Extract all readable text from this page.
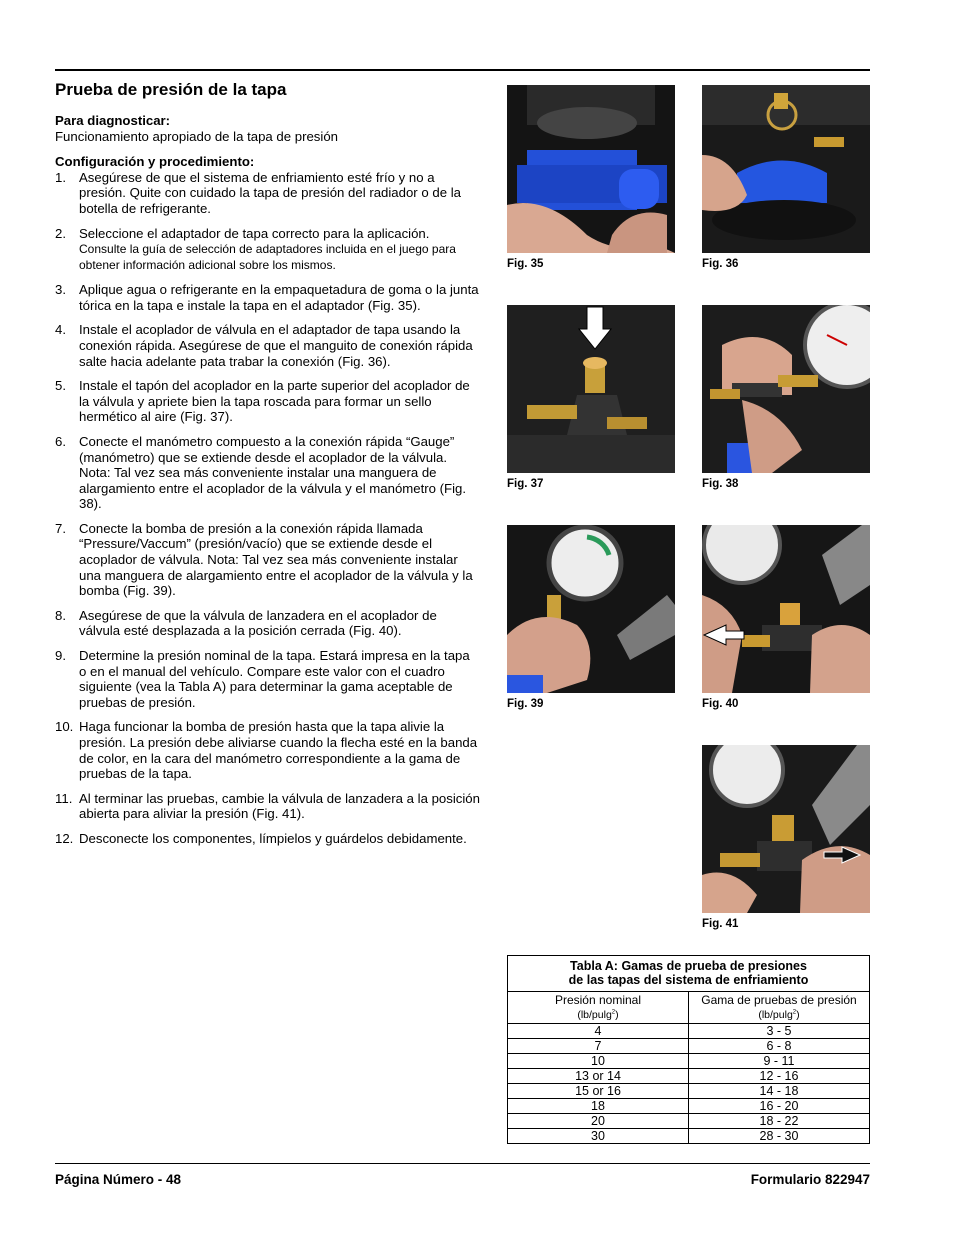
Prueba de presión de la tapa

Para diagnosticar:

Funcionamiento apropiado de la tapa de presión

Configuración y procedimiento:

1. Asegúrese de que el sistema de enfriamiento esté frío y no a presión. Quite con cuidado la tapa de presión del radiador o de la botella de refrigerante.
2. Seleccione el adaptador de tapa correcto para la aplicación.
Consulte la guía de selección de adaptadores incluida en el juego para obtener información adicional sobre los mismos.
3. Aplique agua o refrigerante en la empaquetadura de goma o la junta tórica en la tapa e instale la tapa en el adaptador (Fig. 35).
4. Instale el acoplador de válvula en el adaptador de tapa usando la conexión rápida. Asegúrese de que el manguito de conexión rápida salte hacia adelante pata trabar la conexión (Fig. 36).
5. Instale el tapón del acoplador en la parte superior del acoplador de la válvula y apriete bien la tapa roscada para formar un sello hermético al aire (Fig. 37).
6. Conecte el manómetro compuesto a la conexión rápida “Gauge” (manómetro) que se extiende desde el acoplador de la válvula. Nota: Tal vez sea más conveniente instalar una manguera de alargamiento entre el acoplador de la válvula y el manómetro (Fig. 38).
7. Conecte la bomba de presión a la conexión rápida llamada “Pressure/Vaccum” (presión/vacío) que se extiende desde el acoplador de válvula. Nota: Tal vez sea más conveniente instalar una manguera de alargamiento entre el acoplador de la válvula y la bomba (Fig. 39).
8. Asegúrese de que la válvula de lanzadera en el acoplador de válvula esté desplazada a la posición cerrada (Fig. 40).
9. Determine la presión nominal de la tapa. Estará impresa en la tapa o en el manual del vehículo. Compare este valor con el cuadro siguiente (vea la Tabla A) para determinar la gama aceptable de pruebas de presión.
10. Haga funcionar la bomba de presión hasta que la tapa alivie la presión. La presión debe aliviarse cuando la flecha esté en la banda de color, en la cara del manómetro correspondiente a la gama de pruebas de la tapa.
11. Al terminar las pruebas, cambie la válvula de lanzadera a la posición abierta para aliviar la presión (Fig. 41).
12. Desconecte los componentes, límpielos y guárdelos debidamente.
Fig. 35	Fig. 36
Fig. 37	Fig. 38
Fig. 39	Fig. 40
Fig. 41
Tabla A: Gamas de prueba de presiones
de las tapas del sistema de enfriamiento	
Presión nominal
(lb/pulg$^2$)	Gama de pruebas de presión
(lb/pulg$^2$)
4	3 - 5
7	6 - 8
10	9 - 11
13 or 14	12 - 16
15 or 16	14 - 18
18	16 - 20
20	18 - 22
30	28 - 30
Página Número - 48	Formulario 822947
